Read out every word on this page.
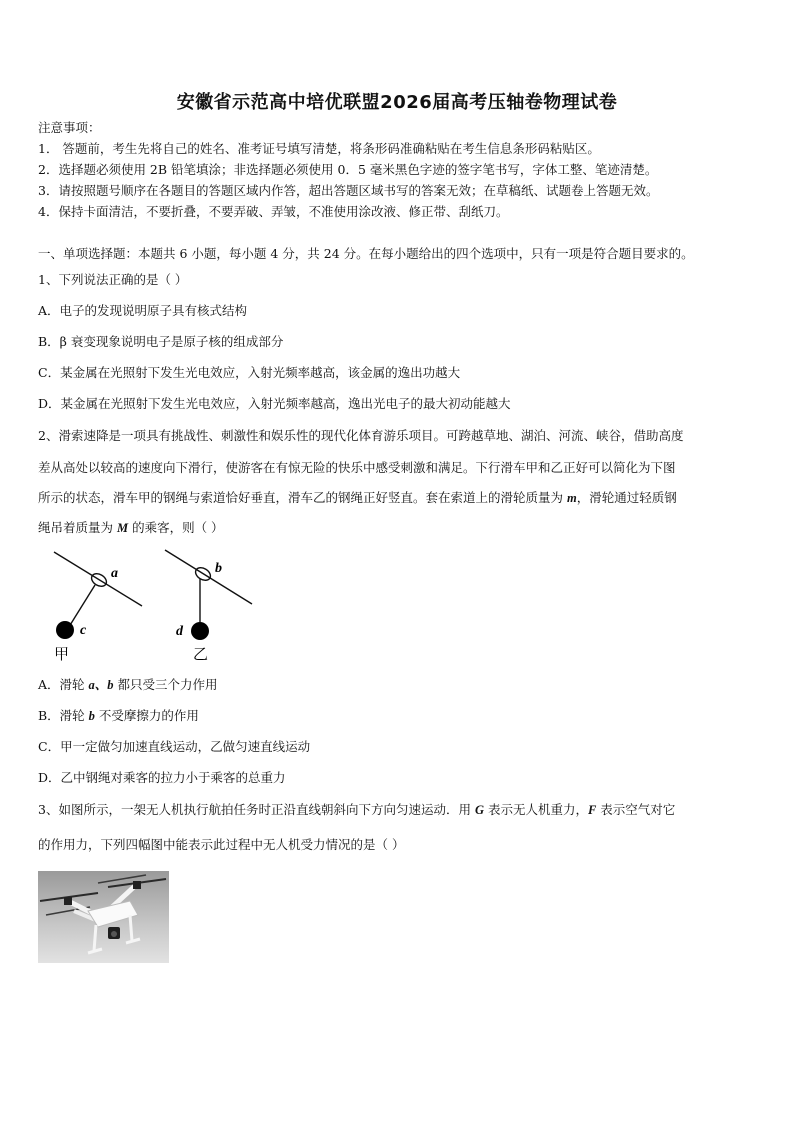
安徽省示范高中培优联盟2026届高考压轴卷物理试卷
注意事项：
1． 答题前，考生先将自己的姓名、准考证号填写清楚，将条形码准确粘贴在考生信息条形码粘贴区。
2．选择题必须使用 2B 铅笔填涂；非选择题必须使用 0．5 毫米黑色字迹的签字笔书写，字体工整、笔迹清楚。
3．请按照题号顺序在各题目的答题区域内作答，超出答题区域书写的答案无效；在草稿纸、试题卷上答题无效。
4．保持卡面清洁，不要折叠，不要弄破、弄皱，不准使用涂改液、修正带、刮纸刀。
一、单项选择题：本题共 6 小题，每小题 4 分，共 24 分。在每小题给出的四个选项中，只有一项是符合题目要求的。
1、下列说法正确的是（ ）
A．电子的发现说明原子具有核式结构
B．β 衰变现象说明电子是原子核的组成部分
C．某金属在光照射下发生光电效应，入射光频率越高，该金属的逸出功越大
D．某金属在光照射下发生光电效应，入射光频率越高，逸出光电子的最大初动能越大
2、滑索速降是一项具有挑战性、刺激性和娱乐性的现代化体育游乐项目。可跨越草地、湖泊、河流、峡谷，借助高度
差从高处以较高的速度向下滑行，使游客在有惊无险的快乐中感受刺激和满足。下行滑车甲和乙正好可以简化为下图
所示的状态，滑车甲的钢绳与索道恰好垂直，滑车乙的钢绳正好竖直。套在索道上的滑轮质量为 m，滑轮通过轻质钢
绳吊着质量为 M 的乘客，则（ ）
a
c
甲
b
d
乙
A．滑轮 a、b 都只受三个力作用
B．滑轮 b 不受摩擦力的作用
C．甲一定做匀加速直线运动，乙做匀速直线运动
D．乙中钢绳对乘客的拉力小于乘客的总重力
3、如图所示，一架无人机执行航拍任务时正沿直线朝斜向下方向匀速运动．用 G 表示无人机重力，F 表示空气对它
的作用力，下列四幅图中能表示此过程中无人机受力情况的是（ ）
